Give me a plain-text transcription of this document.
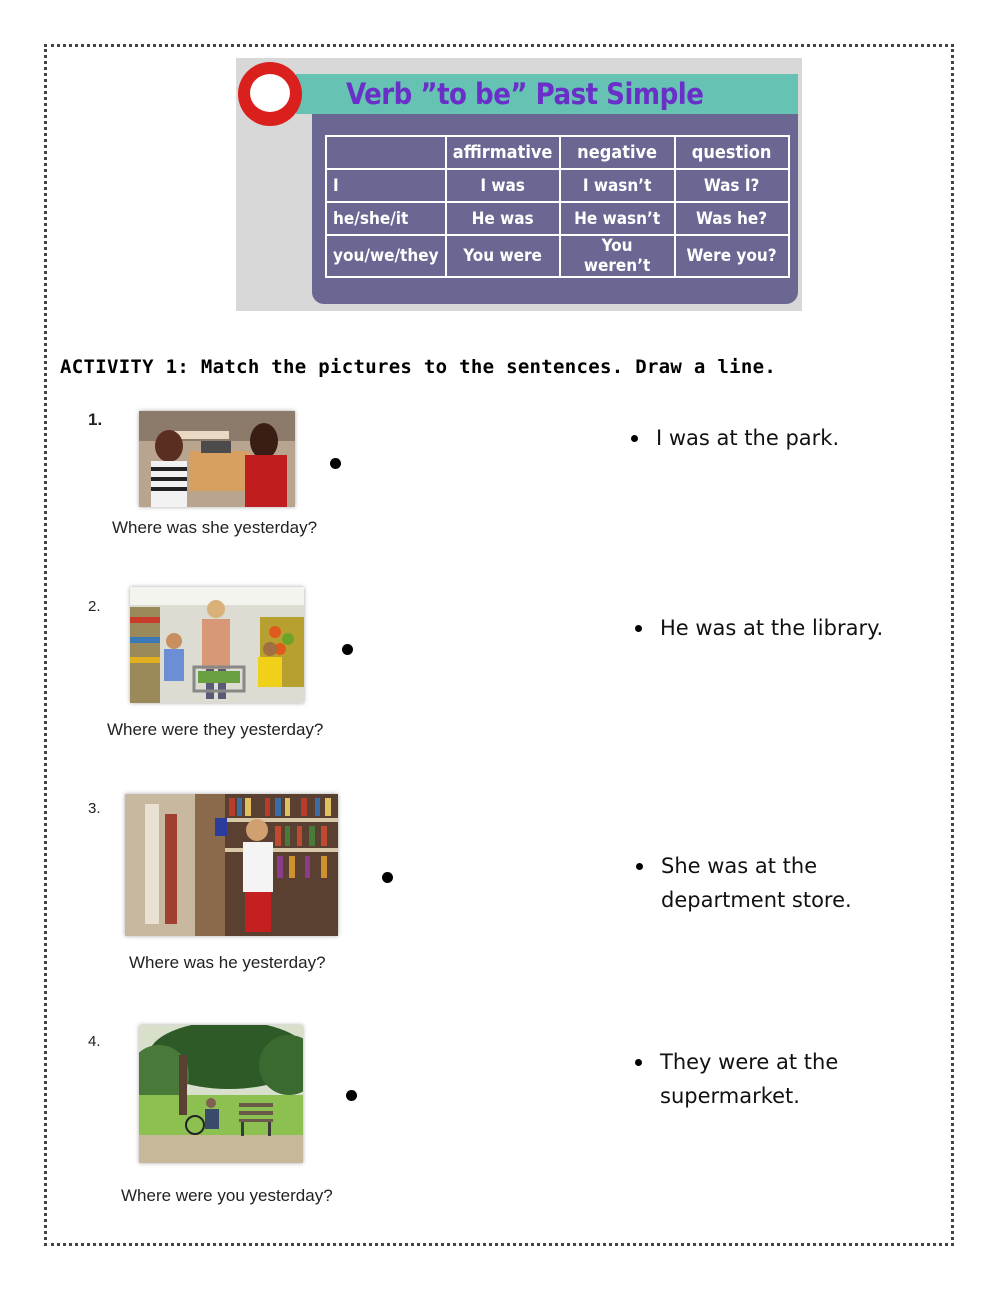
Verb ”to be” Past Simple
	affirmative	negative	question
I	I was	I wasn’t	Was I?
he/she/it	He was	He wasn’t	Was he?
you/we/they	You were	You weren’t	Were you?
ACTIVITY 1: Match the pictures to the sentences. Draw a line.
1.
Where was she yesterday?
2.
Where were they yesterday?
3.
Where was he yesterday?
4.
Where were you yesterday?
I was at the park.
He was at the library.
She was at the
department store.
They were at the
supermarket.
